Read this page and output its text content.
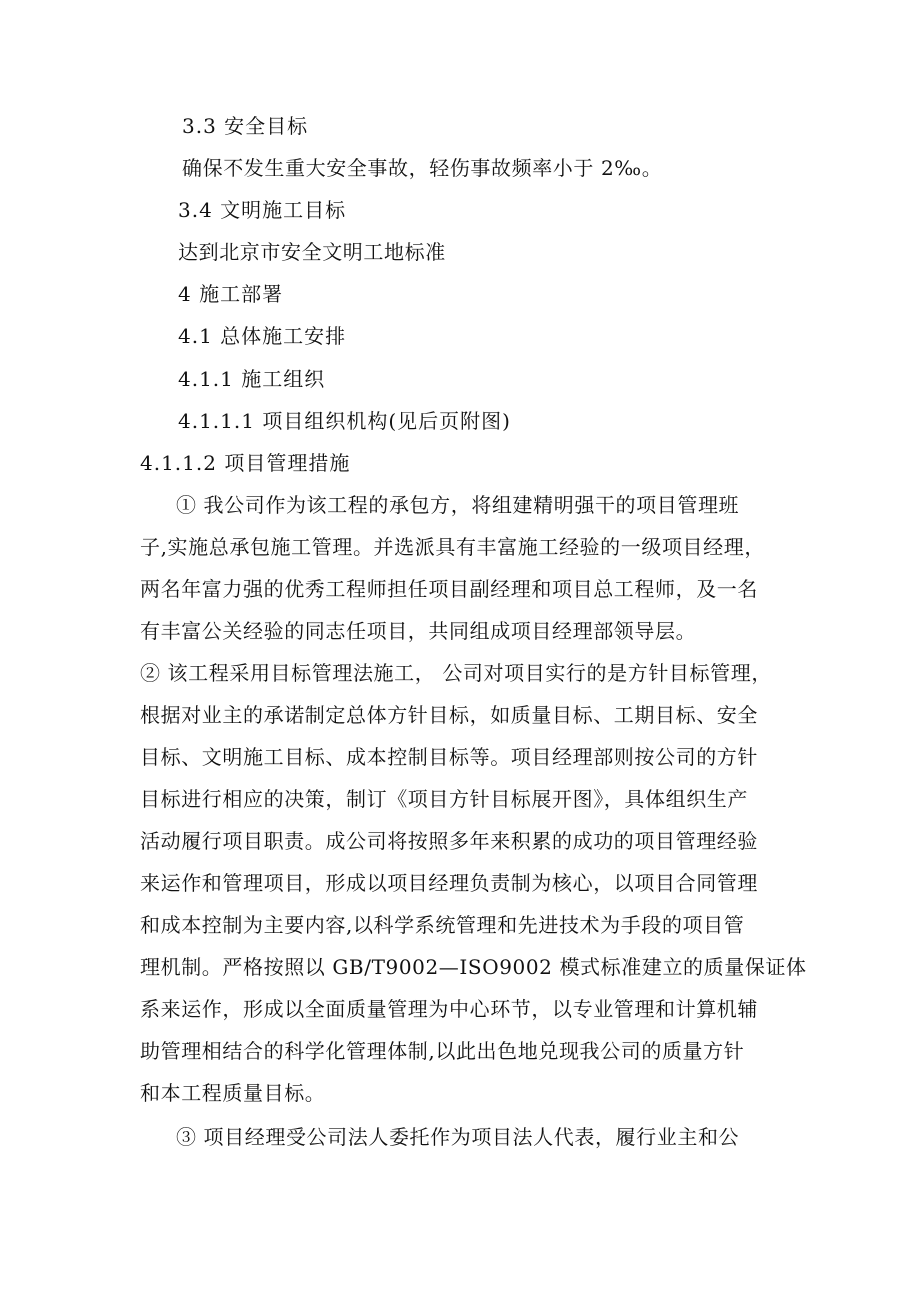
3.3 安全目标
确保不发生重大安全事故，轻伤事故频率小于 2‰。
3.4 文明施工目标
达到北京市安全文明工地标准
4 施工部署
4.1 总体施工安排
4.1.1 施工组织
4.1.1.1 项目组织机构(见后页附图)
4.1.1.2 项目管理措施
① 我公司作为该工程的承包方，将组建精明强干的项目管理班
子,实施总承包施工管理。并选派具有丰富施工经验的一级项目经理，
两名年富力强的优秀工程师担任项目副经理和项目总工程师，及一名
有丰富公关经验的同志任项目，共同组成项目经理部领导层。
② 该工程采用目标管理法施工， 公司对项目实行的是方针目标管理，
根据对业主的承诺制定总体方针目标，如质量目标、工期目标、安全
目标、文明施工目标、成本控制目标等。项目经理部则按公司的方针
目标进行相应的决策，制订《项目方针目标展开图》，具体组织生产
活动履行项目职责。成公司将按照多年来积累的成功的项目管理经验
来运作和管理项目，形成以项目经理负责制为核心，以项目合同管理
和成本控制为主要内容,以科学系统管理和先进技术为手段的项目管
理机制。严格按照以 GB/T9002—ISO9002 模式标准建立的质量保证体
系来运作，形成以全面质量管理为中心环节，以专业管理和计算机辅
助管理相结合的科学化管理体制,以此出色地兑现我公司的质量方针
和本工程质量目标。
③ 项目经理受公司法人委托作为项目法人代表，履行业主和公
